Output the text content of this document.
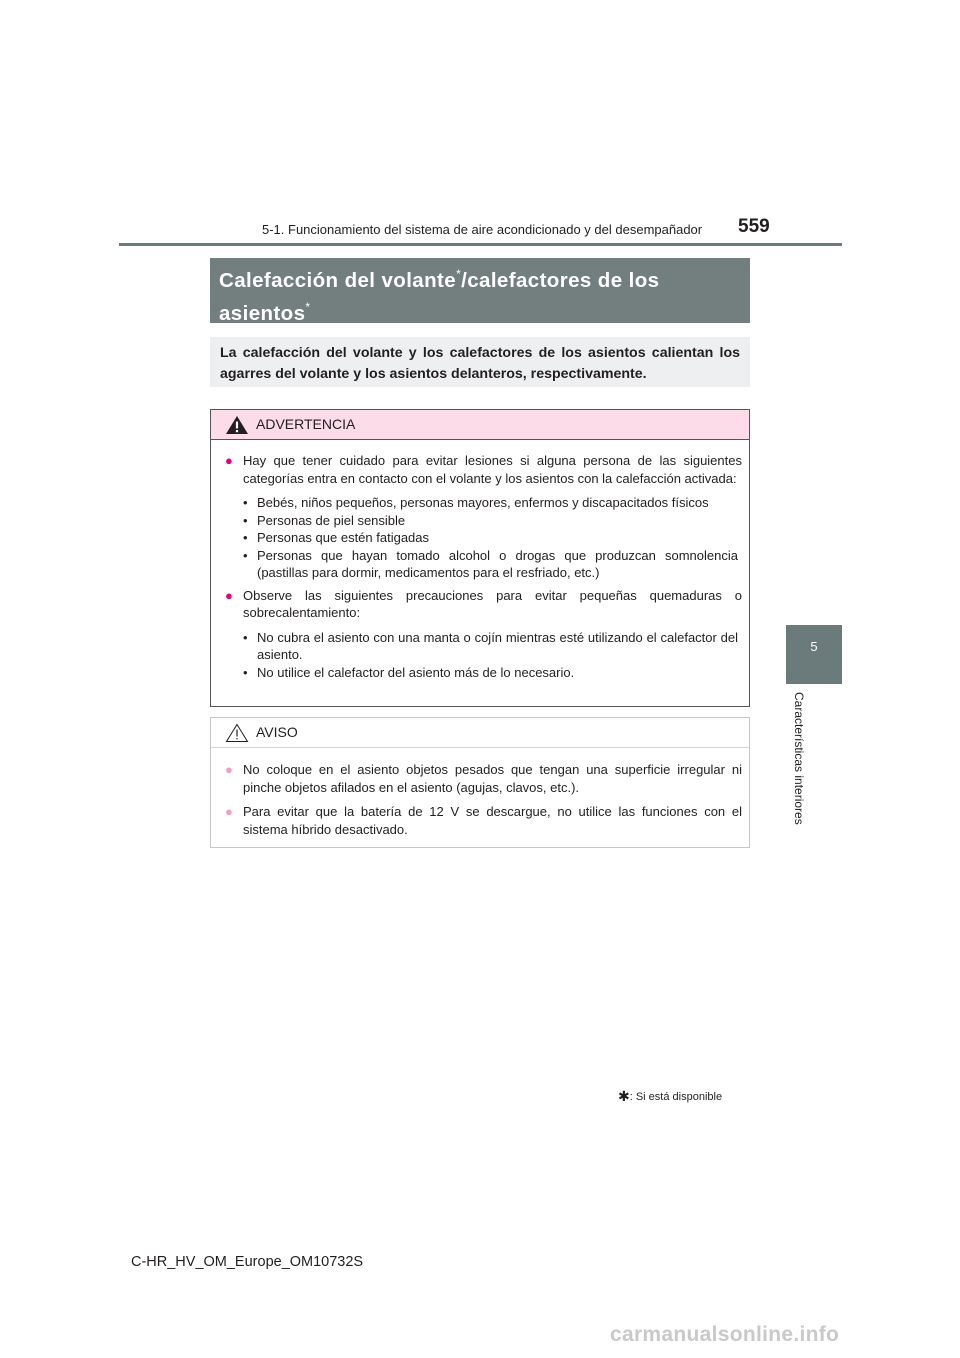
5-1. Funcionamiento del sistema de aire acondicionado y del desempañador 559
5
Características interiores
Calefacción del volante*/calefactores de los asientos*
La calefacción del volante y los calefactores de los asientos calientan los agarres del volante y los asientos delanteros, respectivamente.
ADVERTENCIA
● Hay que tener cuidado para evitar lesiones si alguna persona de las siguientes categorías entra en contacto con el volante y los asientos con la calefacción activada:
• Bebés, niños pequeños, personas mayores, enfermos y discapacitados físicos
• Personas de piel sensible
• Personas que estén fatigadas
• Personas que hayan tomado alcohol o drogas que produzcan somnolencia (pastillas para dormir, medicamentos para el resfriado, etc.)
● Observe las siguientes precauciones para evitar pequeñas quemaduras o sobrecalentamiento:
• No cubra el asiento con una manta o cojín mientras esté utilizando el calefactor del asiento.
• No utilice el calefactor del asiento más de lo necesario.
AVISO
● No coloque en el asiento objetos pesados que tengan una superficie irregular ni pinche objetos afilados en el asiento (agujas, clavos, etc.).
● Para evitar que la batería de 12 V se descargue, no utilice las funciones con el sistema híbrido desactivado.
✱: Si está disponible
C-HR_HV_OM_Europe_OM10732S
carmanualsonline.info
